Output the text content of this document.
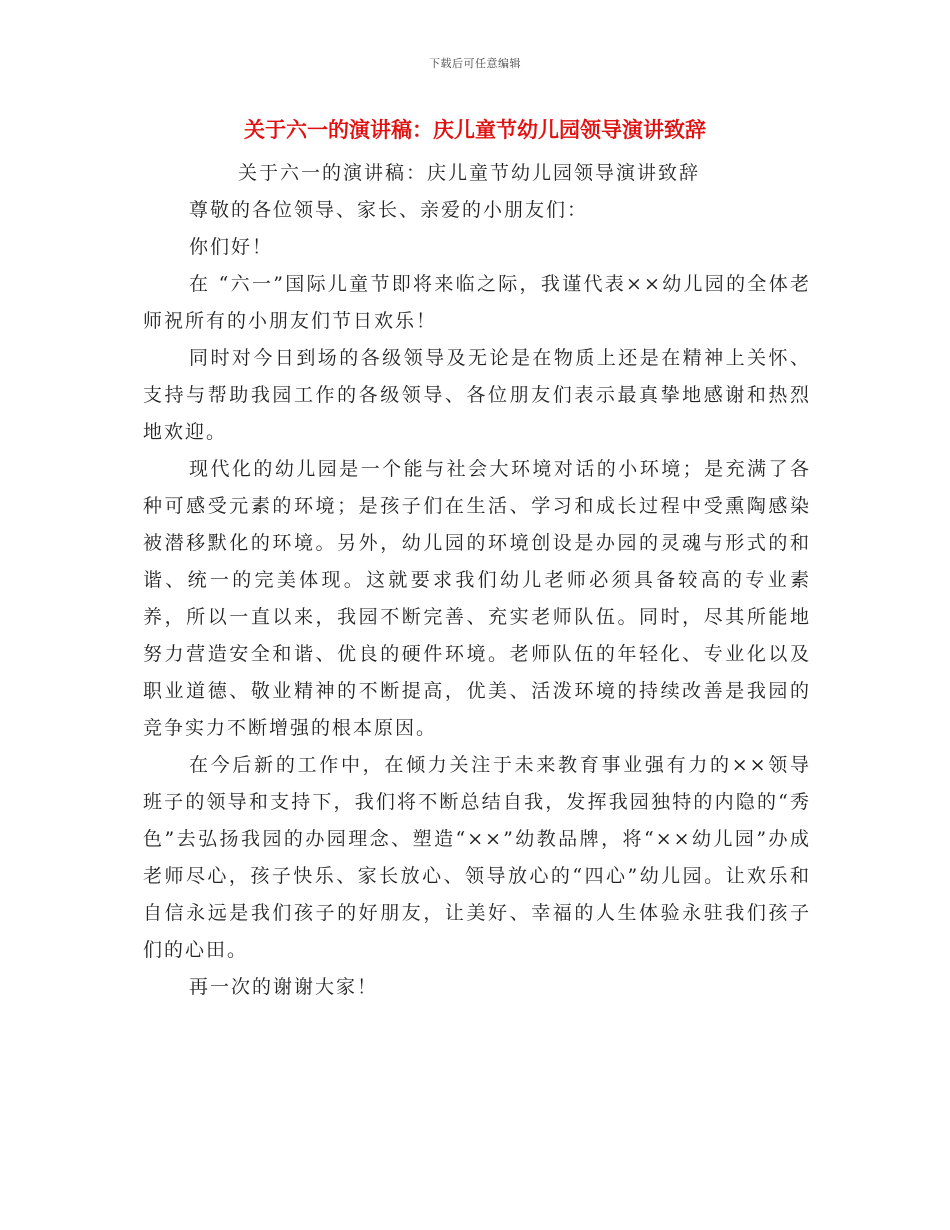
下载后可任意编辑
关于六一的演讲稿：庆儿童节幼儿园领导演讲致辞

关于六一的演讲稿：庆儿童节幼儿园领导演讲致辞

尊敬的各位领导、家长、亲爱的小朋友们：

你们好！

在 “六一”国际儿童节即将来临之际，我谨代表××幼儿园的全体老师祝所有的小朋友们节日欢乐！

同时对今日到场的各级领导及无论是在物质上还是在精神上关怀、支持与帮助我园工作的各级领导、各位朋友们表示最真挚地感谢和热烈地欢迎。

现代化的幼儿园是一个能与社会大环境对话的小环境；是充满了各种可感受元素的环境；是孩子们在生活、学习和成长过程中受熏陶感染被潜移默化的环境。另外，幼儿园的环境创设是办园的灵魂与形式的和谐、统一的完美体现。这就要求我们幼儿老师必须具备较高的专业素养，所以一直以来，我园不断完善、充实老师队伍。同时，尽其所能地努力营造安全和谐、优良的硬件环境。老师队伍的年轻化、专业化以及职业道德、敬业精神的不断提高，优美、活泼环境的持续改善是我园的竞争实力不断增强的根本原因。

在今后新的工作中，在倾力关注于未来教育事业强有力的××领导班子的领导和支持下，我们将不断总结自我，发挥我园独特的内隐的“秀色”去弘扬我园的办园理念、塑造“××”幼教品牌，将“××幼儿园”办成老师尽心，孩子快乐、家长放心、领导放心的“四心”幼儿园。让欢乐和自信永远是我们孩子的好朋友，让美好、幸福的人生体验永驻我们孩子们的心田。

再一次的谢谢大家！
